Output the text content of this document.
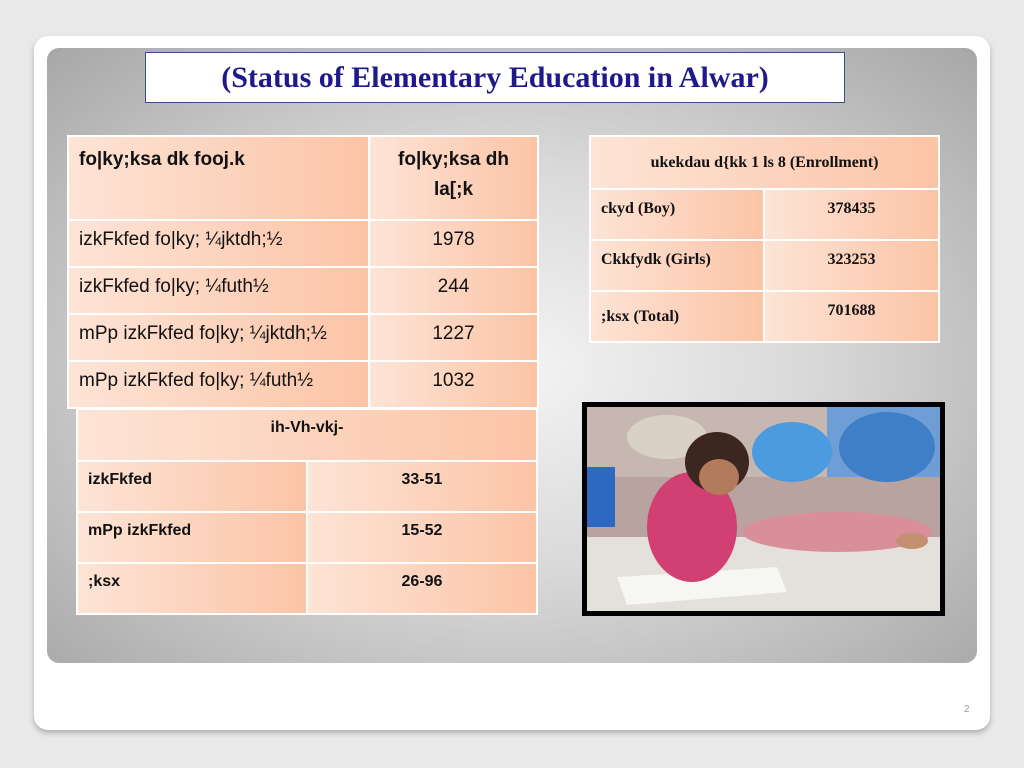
(Status of Elementary Education in Alwar)
fo|ky;ksa dk fooj.k	fo|ky;ksa dh la[;k
izkFkfed fo|ky; ¼jktdh;½	1978
izkFkfed fo|ky; ¼futh½	244
mPp izkFkfed fo|ky; ¼jktdh;½	1227
mPp izkFkfed fo|ky; ¼futh½	1032
ih-Vh-vkj-	
izkFkfed	33-51
mPp izkFkfed	15-52
;ksx	26-96
ukekdau d{kk 1 ls 8 (Enrollment)	
ckyd (Boy)	378435
Ckkfydk (Girls)	323253
;ksx (Total)	701688
2
